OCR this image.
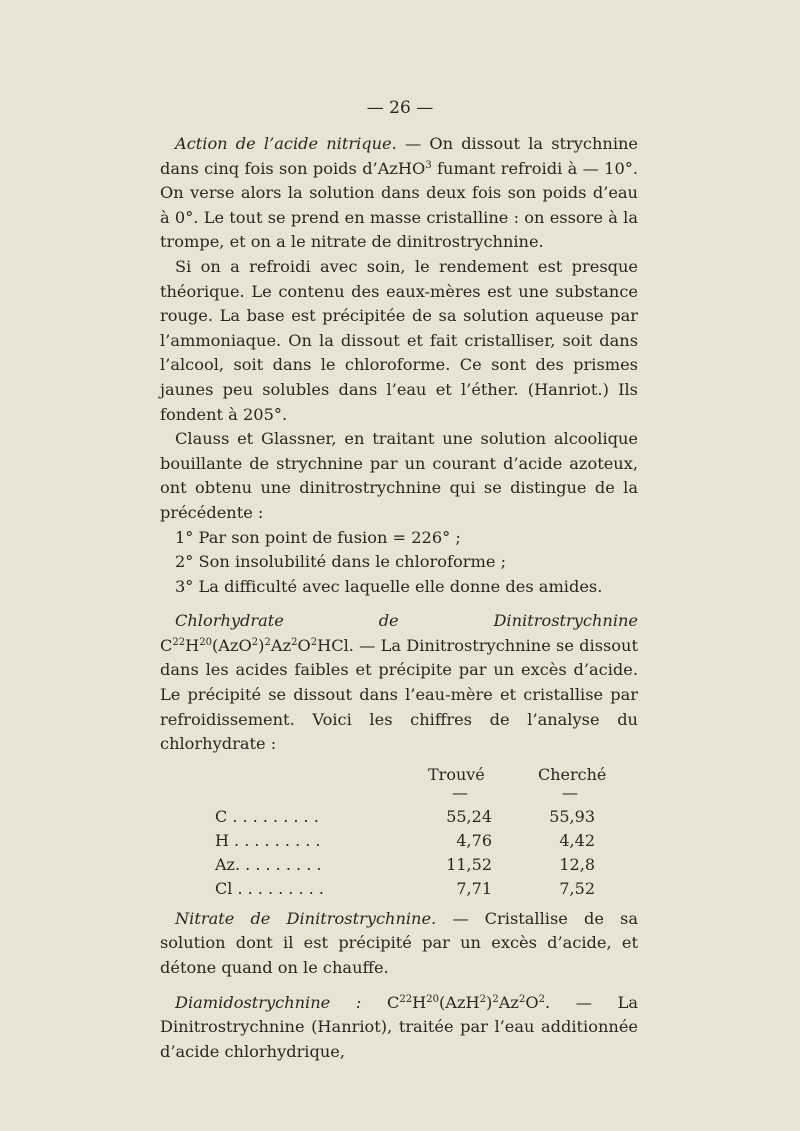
— 26 —

Action de l’acide nitrique. — On dissout la strychnine dans cinq fois son poids d’AzHO$^3$ fumant refroidi à — 10°. On verse alors la solution dans deux fois son poids d’eau à 0°. Le tout se prend en masse cristalline : on essore à la trompe, et on a le nitrate de dinitrostrychnine.

Si on a refroidi avec soin, le rendement est presque théorique. Le contenu des eaux-mères est une substance rouge. La base est précipitée de sa solution aqueuse par l’ammoniaque. On la dissout et fait cristalliser, soit dans l’alcool, soit dans le chloroforme. Ce sont des prismes jaunes peu solubles dans l’eau et l’éther. (Hanriot.) Ils fondent à 205°.

Clauss et Glassner, en traitant une solution alcoolique bouillante de strychnine par un courant d’acide azoteux, ont obtenu une dinitrostrychnine qui se distingue de la précédente :

1° Par son point de fusion = 226° ;

2° Son insolubilité dans le chloroforme ;

3° La difficulté avec laquelle elle donne des amides.

Chlorhydrate de Dinitrostrychnine $C^{22}H^{20}(AzO^2)^2Az^2O^2HCl$. — La Dinitrostrychnine se dissout dans les acides faibles et précipite par un excès d’acide. Le précipité se dissout dans l’eau-mère et cristallise par refroidissement. Voici les chiffres de l’analyse du chlorhydrate :

Trouvé	Cherché
—	—
C . . . . . . . . .	55,24	55,93
H . . . . . . . . .	4,76	4,42
Az. . . . . . . . .	11,52	12,8
Cl . . . . . . . . .	7,71	7,52

Nitrate de Dinitrostrychnine. — Cristallise de sa solution dont il est précipité par un excès d’acide, et détone quand on le chauffe.

Diamidostrychnine : $C^{22}H^{20}(AzH^2)^2Az^2O^2$. — La Dinitrostrychnine (Hanriot), traitée par l’eau additionnée d’acide chlorhydrique,
